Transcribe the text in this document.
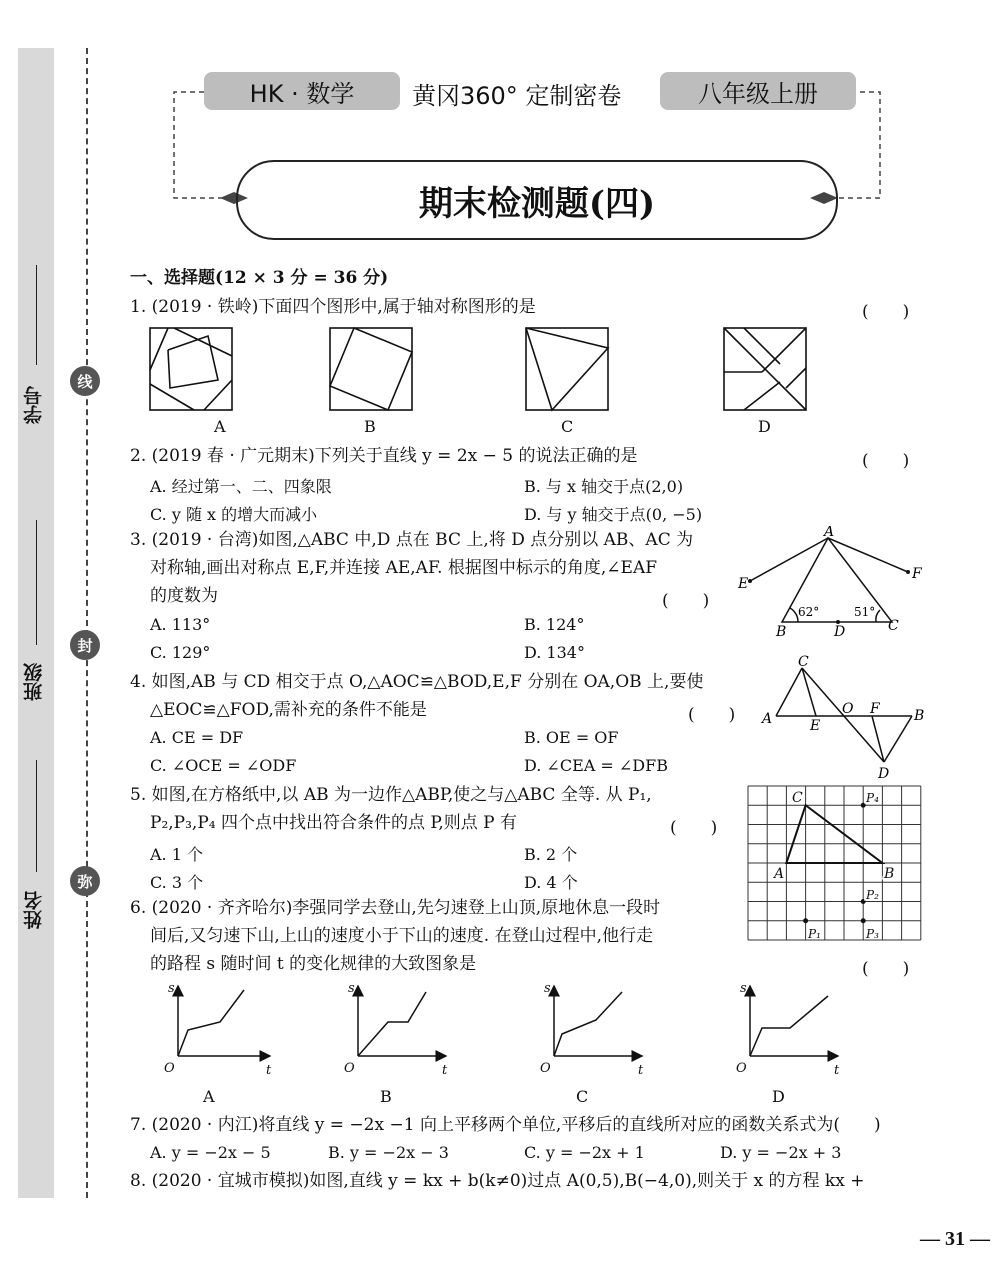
学号
班级
姓名
线
封
弥
HK · 数学	黄冈360° 定制密卷	八年级上册
期末检测题(四)
一、选择题(12 × 3 分 = 36 分)
1. (2019 · 铁岭)下面四个图形中,属于轴对称图形的是	(　　)
A	B	C	D
2. (2019 春 · 广元期末)下列关于直线 y = 2x − 5 的说法正确的是	(　　)
A. 经过第一、二、四象限	B. 与 x 轴交于点(2,0)
C. y 随 x 的增大而减小	D. 与 y 轴交于点(0, −5)
3. (2019 · 台湾)如图,△ABC 中,D 点在 BC 上,将 D 点分别以 AB、AC 为
对称轴,画出对称点 E,F,并连接 AE,AF. 根据图中标示的角度,∠EAF
的度数为	(　　)
A. 113°	B. 124°
C. 129°	D. 134°
A
B	C
D
E
F
62°	51°
4. 如图,AB 与 CD 相交于点 O,△AOC≌△BOD,E,F 分别在 OA,OB 上,要使
△EOC≌△FOD,需补充的条件不能是	(　　)
A. CE = DF	B. OE = OF
C. ∠OCE = ∠ODF	D. ∠CEA = ∠DFB
C
A	E
O F B
D
5. 如图,在方格纸中,以 AB 为一边作△ABP,使之与△ABC 全等. 从 P₁,
P₂,P₃,P₄ 四个点中找出符合条件的点 P,则点 P 有	(　　)
A. 1 个	B. 2 个
C. 3 个	D. 4 个
C
A	B
P₄
P₂
P₃
P₁
6. (2020 · 齐齐哈尔)李强同学去登山,先匀速登上山顶,原地休息一段时
间后,又匀速下山,上山的速度小于下山的速度. 在登山过程中,他行走
的路程 s 随时间 t 的变化规律的大致图象是	(　　)
s
t
O
s
t
O
s
t
O
s
t
O
A	B	C	D
7. (2020 · 内江)将直线 y = −2x −1 向上平移两个单位,平移后的直线所对应的函数关系式为(　　)
A. y = −2x − 5	B. y = −2x − 3	C. y = −2x + 1	D. y = −2x + 3
8. (2020 · 宜城市模拟)如图,直线 y = kx + b(k≠0)过点 A(0,5),B(−4,0),则关于 x 的方程 kx +
— 31 —
